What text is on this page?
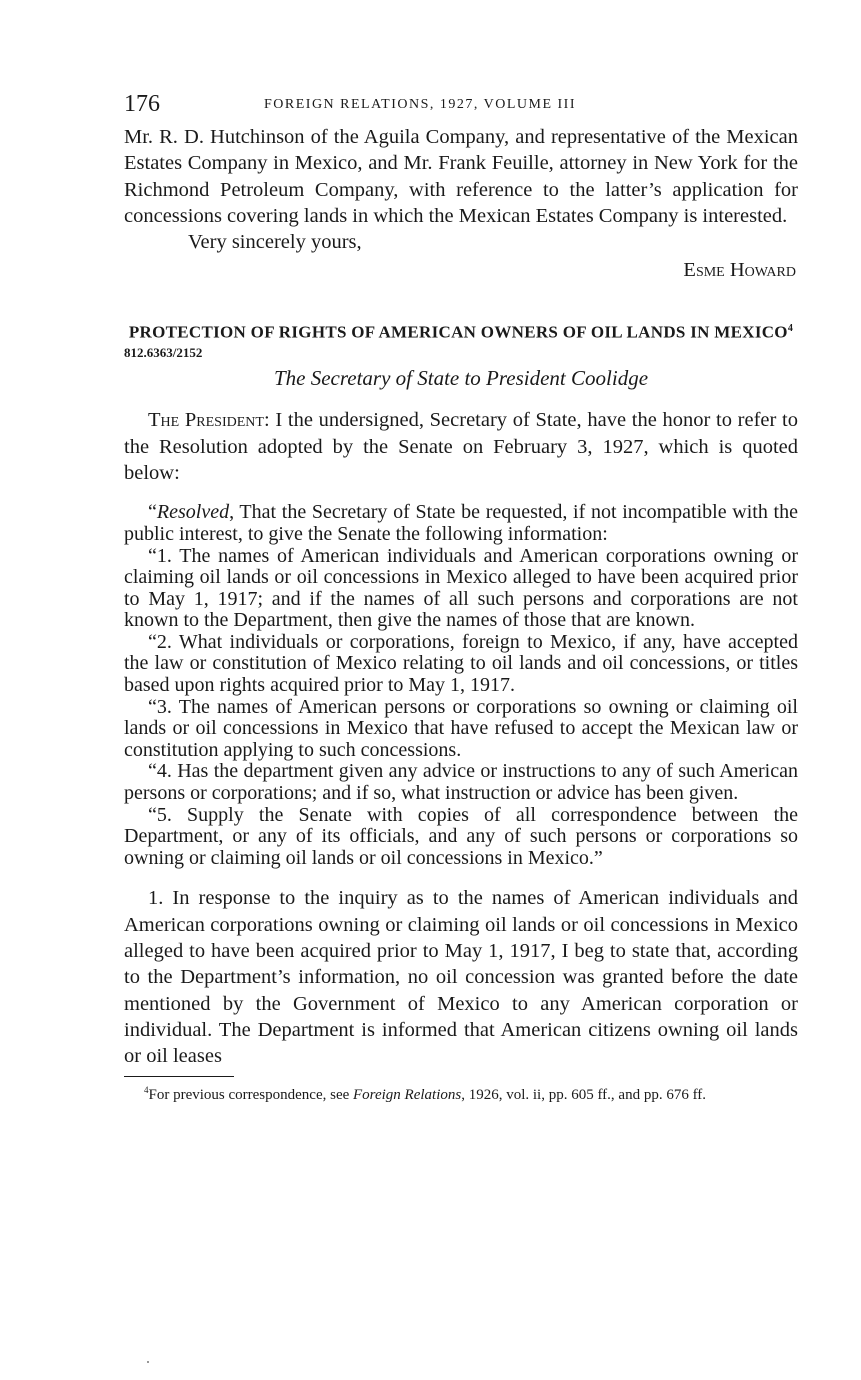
176	FOREIGN RELATIONS, 1927, VOLUME III

Mr. R. D. Hutchinson of the Aguila Company, and representative of the Mexican Estates Company in Mexico, and Mr. Frank Feuille, attorney in New York for the Richmond Petroleum Company, with reference to the latter’s application for concessions covering lands in which the Mexican Estates Company is interested.

Very sincerely yours,

Esme Howard

PROTECTION OF RIGHTS OF AMERICAN OWNERS OF OIL LANDS IN MEXICO$^4$
812.6363/2152
The Secretary of State to President Coolidge

The President: I the undersigned, Secretary of State, have the honor to refer to the Resolution adopted by the Senate on February 3, 1927, which is quoted below:

“Resolved, That the Secretary of State be requested, if not incompatible with the public interest, to give the Senate the following information:

“1. The names of American individuals and American corporations owning or claiming oil lands or oil concessions in Mexico alleged to have been acquired prior to May 1, 1917; and if the names of all such persons and corporations are not known to the Department, then give the names of those that are known.

“2. What individuals or corporations, foreign to Mexico, if any, have accepted the law or constitution of Mexico relating to oil lands and oil concessions, or titles based upon rights acquired prior to May 1, 1917.

“3. The names of American persons or corporations so owning or claiming oil lands or oil concessions in Mexico that have refused to accept the Mexican law or constitution applying to such concessions.

“4. Has the department given any advice or instructions to any of such American persons or corporations; and if so, what instruction or advice has been given.

“5. Supply the Senate with copies of all correspondence between the Department, or any of its officials, and any of such persons or corporations so owning or claiming oil lands or oil concessions in Mexico.”

1. In response to the inquiry as to the names of American individuals and American corporations owning or claiming oil lands or oil concessions in Mexico alleged to have been acquired prior to May 1, 1917, I beg to state that, according to the Department’s information, no oil concession was granted before the date mentioned by the Government of Mexico to any American corporation or individual. The Department is informed that American citizens owning oil lands or oil leases

$^4$For previous correspondence, see Foreign Relations, 1926, vol. ii, pp. 605 ff., and pp. 676 ff.
